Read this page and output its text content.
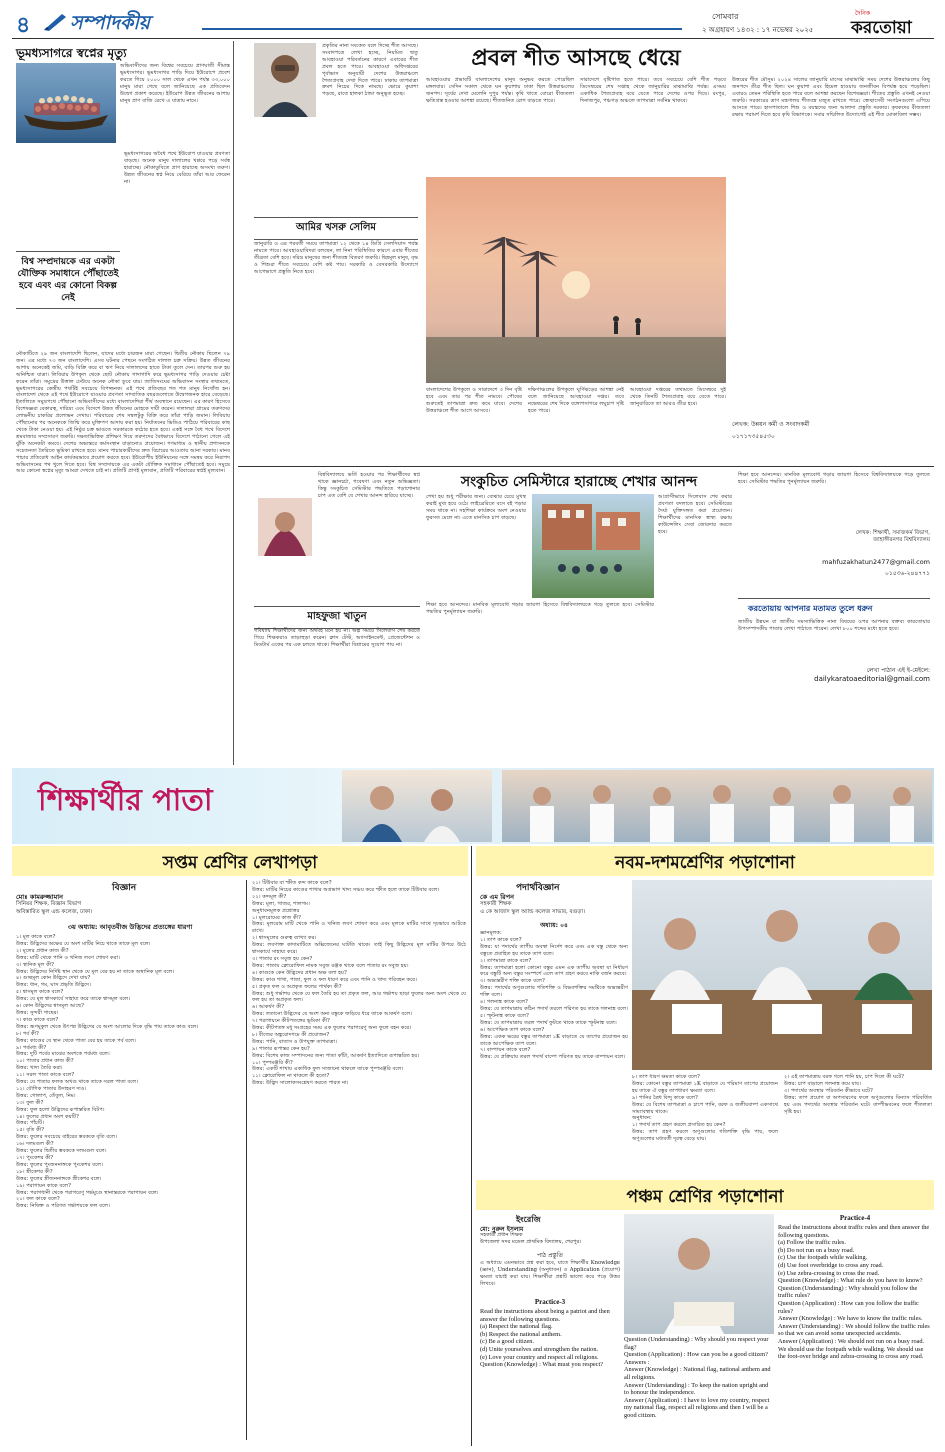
৪ সম্পাদকীয়	সোমবার
২ অগ্রহায়ণ ১৪৩২ : ১৭ নভেম্বর ২০২৫
দৈনিক
করতোয়া
ভূমধ্যসাগরে স্বপ্নের মৃত্যু
অভিবাসীদের জন্য বিশ্বের সবচেয়ে প্রাণঘাতী সীমান্ত ভূমধ্যসাগর। ভূমধ্যসাগর পাড়ি দিয়ে ইউরোপে প্রবেশ করতে গিয়ে ২০০০ সাল থেকে এখন পর্যন্ত ৩৩,০০০ মানুষ মারা গেছে বলে জানিয়েছে এক প্রতিবেদন উদ্বেগ প্রকাশ করেছে। ইউরোপ উন্নত জীবনের আশায় মানুষ প্রাণ বাজি রেখে এ যাত্রায় নামে।
বিশ্ব সম্প্রদায়কে এর একটা যৌক্তিক সমাধানে পৌঁছাতেই হবে এবং এর কোনো বিকল্প নেই
ভূমধ্যসাগরের অবৈধ পথে ইউরোপ যাওয়ার প্রবণতা বাড়ছে। অনেক মানুষ দালালের খপ্পরে পড়ে সর্বস্ব হারাচ্ছে। নৌকাডুবিতে প্রাণ হারাচ্ছে অসংখ্য তরুণ। উন্নত জীবনের স্বপ্ন নিয়ে বেরিয়ে তাঁরা আর ফেরেন না।
নৌকাটিতে ২৯ জন বাংলাদেশি ছিলেন, যাদের মধ্যে চারজন মারা গেছেন। দ্বিতীয় নৌকায় ছিলেন ৭৯ জন। এর মধ্যে ৭৩ জন বাংলাদেশি। এসব ঘটনার পেছনে সংগঠিত দালাল চক্র সক্রিয়। উন্নত জীবনের আশায় অনেকেই জমি, বাড়ি বিক্রি করে বা ঋণ নিয়ে দালালদের হাতে টাকা তুলে দেন। তারপর শুরু হয় অনিশ্চিত যাত্রা। লিবিয়ার উপকূল থেকে ছোট নৌকায় গাদাগাদি করে ভূমধ্যসাগর পাড়ি দেওয়ার চেষ্টা করেন তাঁরা। সমুদ্রের উত্তাল ঢেউয়ে অনেক নৌকা ডুবে যায়। জাতিসংঘের অভিবাসন সংস্থার তথ্যমতে, ভূমধ্যসাগরের কেন্দ্রীয় পথটিই সবচেয়ে বিপজ্জনক। এই পথে প্রতিবছর শত শত মানুষ নিখোঁজ হন। বাংলাদেশ থেকে এই পথে ইউরোপে যাওয়ার প্রবণতা সাম্প্রতিক বছরগুলোতে উদ্বেগজনক হারে বেড়েছে। ইতালিতে সমুদ্রপথে পৌঁছানো অভিবাসীদের মধ্যে বাংলাদেশিরা শীর্ষ অবস্থানে রয়েছেন। এর কারণ হিসেবে বিশেষজ্ঞরা বেকারত্ব, দারিদ্র্য এবং বিদেশে উন্নত জীবনের মোহকে দায়ী করেন। দালালরা গ্রামের তরুণদের লোভনীয় চাকরির প্রলোভন দেখায়। পরিবারের শেষ সম্বলটুকু বিক্রি করে তাঁরা পাড়ি জমান। লিবিয়ায় পৌঁছানোর পর অনেককে জিম্মি করে মুক্তিপণ আদায় করা হয়। নির্যাতনের ভিডিও পাঠিয়ে পরিবারের কাছ থেকে টাকা নেওয়া হয়। এই নিষ্ঠুর চক্র ভাঙতে সরকারকে কঠোর হতে হবে। একই সঙ্গে বৈধ পথে বিদেশে শ্রমবাজার সম্প্রসারণ জরুরি। দক্ষতাভিত্তিক প্রশিক্ষণ দিয়ে তরুণদের বৈধভাবে বিদেশে পাঠানো গেলে এই ঝুঁকি অনেকটা কমবে। দেশের অভ্যন্তরে কর্মসংস্থান বাড়ানোও প্রয়োজন। গণমাধ্যম ও স্থানীয় প্রশাসনকে সচেতনতা তৈরিতে ভূমিকা রাখতে হবে। মানব পাচারকারীদের দ্রুত বিচারের আওতায় আনা দরকার। মানব পাচার প্রতিরোধ আইন কার্যকরভাবে প্রয়োগ করতে হবে। ইউরোপীয় ইউনিয়নের সঙ্গে সমন্বয় করে নিরাপদ অভিবাসনের পথ খুলে দিতে হবে। বিশ্ব সম্প্রদায়কে এর একটা যৌক্তিক সমাধানে পৌঁছাতেই হবে। সমুদ্রে আর কোনো স্বপ্নের মৃত্যু আমরা দেখতে চাই না। প্রতিটি প্রাণই মূল্যবান, প্রতিটি পরিবারের স্বপ্নই মূল্যবান।
প্রকৃতির নানা সংকেত বলে দিচ্ছে শীত আসছে। সংবাদপত্রে লেখা হচ্ছে, নিয়মিত ঋতু আবহাওয়া পরিবর্তনের কারণে এবারের শীত প্রবল হতে পারে। আবহাওয়া অধিদপ্তরের পূর্বাভাস অনুযায়ী দেশের উত্তরাঞ্চলে শৈত্যপ্রবাহ দেখা দিতে পারে। ঢাকায় তাপমাত্রা ক্রমশ নিচের দিকে নামছে। ভোরে কুয়াশা পড়ছে, রাতে হালকা ঠান্ডা অনুভূত হচ্ছে।
আমির খসরু সেলিম
জানুয়ারি ও এর পরবর্তী সময়ে তাপমাত্রা ১২ থেকে ১৪ ডিগ্রি সেলসিয়াস পর্যন্ত নামতে পারে। আবহাওয়াবিদরা বলছেন, লা নিনা পরিস্থিতির কারণে এবার শীতের তীব্রতা বেশি হবে। দরিদ্র মানুষের জন্য শীতবস্ত্র বিতরণ জরুরি। ছিন্নমূল মানুষ, বৃদ্ধ ও শিশুরা শীতে সবচেয়ে বেশি কষ্ট পায়। সরকারি ও বেসরকারি উদ্যোগে আগেভাগে প্রস্তুতি নিতে হবে।
প্রবল শীত আসছে ধেয়ে
আবহাওয়ার প্রভাবটি বাংলাদেশের মানুষ অনুভব করতে পেরেছিল মঙ্গলবার। সেদিন সকাল থেকে ঘন কুয়াশায় ঢাকা ছিল উত্তরাঞ্চলের জনপদ। সূর্যের দেখা মেলেনি দুপুর পর্যন্ত। কৃষি খাতে বোরো বীজতলা ক্ষতিগ্রস্ত হওয়ার আশঙ্কা রয়েছে। শীতজনিত রোগ বাড়তে পারে।
সারাদেশে বৃষ্টিপাত হতে পারে। তবে সবচেয়ে বেশি শীত পড়বে ডিসেম্বরের শেষ সপ্তাহ থেকে জানুয়ারির মাঝামাঝি পর্যন্ত। এসময় একাধিক শৈত্যপ্রবাহ বয়ে যেতে পারে দেশের ওপর দিয়ে। রংপুর, দিনাজপুর, পঞ্চগড় অঞ্চলে তাপমাত্রা সর্বনিম্ন থাকবে।
উত্তরের শীত মৌসুম। ২০২৪ সালের জানুয়ারি মাসের মাঝামাঝি সময় দেশের উত্তরাঞ্চলের কিছু জনপদে তীব্র শীত ছিল। ঘন কুয়াশা এবং হিমেল হাওয়ায় জনজীবন বিপর্যস্ত হয়ে পড়েছিল। এবারও তেমন পরিস্থিতি হতে পারে বলে আশঙ্কা করছেন বিশেষজ্ঞরা। শীতের প্রস্তুতি এখনই নেওয়া জরুরি। সরকারের ত্রাণ মন্ত্রণালয় শীতবস্ত্র মজুত রাখতে পারে। স্বেচ্ছাসেবী সংগঠনগুলো এগিয়ে আসতে পারে। হাসপাতালে শিশু ও বয়স্কদের জন্য আলাদা প্রস্তুতি দরকার। কৃষকদের বীজতলা রক্ষায় পরামর্শ দিতে হবে কৃষি বিভাগকে। সবার সম্মিলিত উদ্যোগেই এই শীত মোকাবিলা সম্ভব।
বাংলাদেশের উপকূলে ও সারাদেশে ৩ দিন বৃষ্টি হবে এবং তার পর শীত নামবে। পৌষের শুরুতেই তাপমাত্রা দ্রুত কমে যাবে। দেশের উত্তরাঞ্চলে শীত আগে আসবে।
দক্ষিণাঞ্চলের উপকূলে ঘূর্ণিঝড়ের আশঙ্কা নেই বলে জানিয়েছে আবহাওয়া দপ্তর। তবে নভেম্বরের শেষ দিকে বঙ্গোপসাগরে লঘুচাপ সৃষ্টি হতে পারে।
আবহাওয়া দপ্তরের তথ্যমতে ডিসেম্বরে দুই থেকে তিনটি শৈত্যপ্রবাহ বয়ে যেতে পারে। জানুয়ারিতে তা আরও তীব্র হবে।
লেখক: উন্নয়ন কর্মী ও সংবাদকর্মী
০১৭১৭৩৫৪৫৩০
বিশ্ববিদ্যালয়ে ভর্তি হওয়ার পর শিক্ষার্থীদের স্বপ্ন থাকে জ্ঞানচর্চা, গবেষণা এবং নতুন অভিজ্ঞতা। কিন্তু সংকুচিত সেমিস্টার পদ্ধতিতে পড়াশোনার চাপ এত বেশি যে শেখার আনন্দ হারিয়ে যাচ্ছে।
মাহফুজা খাতুন
গবিষ্যায় শিক্ষার্থীদের জন্য অর্থবহ মনে হয় না। অল্প সময়ে সিলেবাস শেষ করতে গিয়ে শিক্ষকরাও তাড়াহুড়া করেন। ক্লাস টেস্ট, অ্যাসাইনমেন্ট, প্রেজেন্টেশন ও মিডটার্ম একের পর এক চলতে থাকে। শিক্ষার্থীরা বিশ্রামের সুযোগ পায় না।
সংকুচিত সেমিস্টারে হারাচ্ছে শেখার আনন্দ
শেখা হয় শুধু পরীক্ষার জন্য। বোঝার চেয়ে মুখস্থ করাই মুখ্য হয়ে ওঠে। লাইব্রেরিতে বসে বই পড়ার সময় থাকে না। সহশিক্ষা কার্যক্রমে অংশ নেওয়ার ফুরসত মেলে না। এতে মানসিক চাপ বাড়ছে।
আগ্রাসীভাবে সিলেবাস শেষ করার প্রবণতা বদলাতে হবে। সেমিস্টারের দৈর্ঘ্য যুক্তিসঙ্গত করা প্রয়োজন। শিক্ষার্থীদের মানসিক স্বাস্থ্য রক্ষায় কাউন্সেলিং সেবা জোরদার করতে হবে।
শিক্ষা হবে আনন্দের। মানবিক মূল্যবোধ গড়ার জায়গা হিসেবে বিশ্ববিদ্যালয়কে গড়ে তুলতে হবে। সেমিস্টার পদ্ধতির পুনর্মূল্যায়ন জরুরি।
শিক্ষা হবে আনন্দের। মানবিক মূল্যবোধ গড়ার জায়গা হিসেবে বিশ্ববিদ্যালয়কে গড়ে তুলতে হবে। সেমিস্টার পদ্ধতির পুনর্মূল্যায়ন জরুরি।
লেখক: শিক্ষার্থী, সমাজকর্ম বিভাগ, জাহাঙ্গীরনগর বিশ্ববিদ্যালয়
mahfuzakhatun2477@gmail.com
০১৫৩৬-২৪৪৭৭১
করতোয়ায় আপনার মতামত তুলে ধরুন
জাতীয় উন্নয়ন বা জাতীয় সমস্যাভিত্তিক নানা বিষয়ের ওপর আপনার বক্তব্য কারতোয়ার উপসম্পাদকীয় পাতায় লেখা পাঠাতে পারেন। লেখা ৮০০ শব্দের মধ্যে হতে হবে।
লেখা পাঠান এই ই-মেইলে:
dailykaratoaeditorial@gmail.com
শিক্ষার্থীর পাতা
সপ্তম শ্রেণির লেখাপড়া
বিজ্ঞান
মোঃ কামরুজ্জামান
সিনিয়র শিক্ষক, বিজ্ঞান বিভাগ
অবিস্তারিত স্কুল এন্ড কলেজ, ঢাকা।
৩য় অধ্যায়: আবৃতবীজ উদ্ভিদের প্রত্যঙ্গের ধারণা
১। মূল কাকে বলে?
উত্তর: উদ্ভিদের অক্ষের যে অংশ মাটির নিচে থাকে তাকে মূল বলে।
২। মূলের প্রধান কাজ কী?
উত্তর: মাটি থেকে পানি ও খনিজ লবণ শোষণ করা।
৩। স্থানিক মূল কী?
উত্তর: উদ্ভিদের নির্দিষ্ট স্থান থেকে যে মূল বের হয় না তাকে অস্থানিক মূল বলে।
৪। গুচ্ছমূল কোন উদ্ভিদে দেখা যায়?
উত্তর: ধান, গম, ঘাস প্রভৃতি উদ্ভিদে।
৫। শ্বাসমূল কাকে বলে?
উত্তর: যে মূল শ্বাসকার্যে সাহায্য করে তাকে শ্বাসমূল বলে।
৬। কোন উদ্ভিদের শ্বাসমূল আছে?
উত্তর: সুন্দরী গাছের।
৭। কাণ্ড কাকে বলে?
উত্তর: ভ্রূণমুকুল থেকে উৎপন্ন উদ্ভিদের যে অংশ আলোর দিকে বৃদ্ধি পায় তাকে কাণ্ড বলে।
৮। পর্ব কী?
উত্তর: কাণ্ডের যে স্থান থেকে পাতা বের হয় তাকে পর্ব বলে।
৯। পর্বমধ্য কী?
উত্তর: দুটি পর্বের মাঝের অংশকে পর্বমধ্য বলে।
১০। পাতার প্রধান কাজ কী?
উত্তর: খাদ্য তৈরি করা।
১১। সরল পাতা কাকে বলে?
উত্তর: যে পাতার ফলক অখণ্ড থাকে তাকে সরল পাতা বলে।
১২। যৌগিক পাতার উদাহরণ দাও।
উত্তর: গোলাপ, তেঁতুল, নিম।
১৩। ফুল কী?
উত্তর: ফুল হলো উদ্ভিদের রূপান্তরিত বিটপ।
১৪। ফুলের প্রধান অংশ কয়টি?
উত্তর: পাঁচটি।
১৫। বৃতি কী?
উত্তর: ফুলের সবচেয়ে বাইরের স্তবককে বৃতি বলে।
১৬। দলমণ্ডল কী?
উত্তর: ফুলের দ্বিতীয় স্তবককে দলমণ্ডল বলে।
১৭। পুংকেশর কী?
উত্তর: ফুলের পুংজননাঙ্গকে পুংকেশর বলে।
১৮। স্ত্রীকেশর কী?
উত্তর: ফুলের স্ত্রীজননাঙ্গকে স্ত্রীকেশর বলে।
১৯। পরাগায়ন কাকে বলে?
উত্তর: পরাগধানী থেকে পরাগরেণু গর্ভমুণ্ডে স্থানান্তরকে পরাগায়ন বলে।
২০। ফল কাকে বলে?
উত্তর: নিষিক্ত ও পরিণত গর্ভাশয়কে ফল বলে।
২১। টিউবার বা স্ফীত কন্দ কাকে বলে?
উত্তর: মাটির নিচের কাণ্ডের শাখার অগ্রভাগ খাদ্য সঞ্চয় করে স্ফীত হলে তাকে টিউবার বলে।
২২। কন্দমূল কী?
উত্তর: মূলা, গাজর, শালগম।
অনুধাবনমূলক প্রশ্নোত্তর
১। মূলরোমের কাজ কী?
উত্তর: মূলরোম মাটি থেকে পানি ও খনিজ লবণ শোষণ করে এবং মূলকে মাটির সাথে দৃঢ়ভাবে আটকে রাখে।
২। শ্বাসমূলের গুরুত্ব ব্যাখ্যা কর।
উত্তর: লবণাক্ত কাদামাটিতে অক্সিজেনের ঘাটতি থাকে। তাই কিছু উদ্ভিদের মূল মাটির উপরে উঠে শ্বাসকার্যে সাহায্য করে।
৩। পাতার রং সবুজ হয় কেন?
উত্তর: পাতায় ক্লোরোফিল নামক সবুজ রঞ্জক থাকে বলে পাতার রং সবুজ হয়।
৪। কাণ্ডকে কেন উদ্ভিদের প্রধান অক্ষ বলা হয়?
উত্তর: কাণ্ড শাখা, পাতা, ফুল ও ফল ধারণ করে এবং পানি ও খাদ্য পরিবহন করে।
৫। প্রকৃত ফল ও অপ্রকৃত ফলের পার্থক্য কী?
উত্তর: শুধু গর্ভাশয় থেকে যে ফল তৈরি হয় তা প্রকৃত ফল, আর গর্ভাশয় ছাড়া ফুলের অন্য অংশ থেকে যে ফল হয় তা অপ্রকৃত ফল।
৬। আকর্ষণ কী?
উত্তর: লতানো উদ্ভিদের যে অংশ অন্য বস্তুকে জড়িয়ে ধরে তাকে আকর্ষণ বলে।
৭। পরাগায়নে কীটপতঙ্গের ভূমিকা কী?
উত্তর: কীটপতঙ্গ মধু সংগ্রহের সময় এক ফুলের পরাগরেণু অন্য ফুলে বহন করে।
৮। বীজের অঙ্কুরোদগমে কী প্রয়োজন?
উত্তর: পানি, বাতাস ও উপযুক্ত তাপমাত্রা।
৯। পাতার রূপান্তর কেন হয়?
উত্তর: বিশেষ কাজ সম্পাদনের জন্য পাতা কাঁটা, আকর্ষণ ইত্যাদিতে রূপান্তরিত হয়।
১০। পুষ্পমঞ্জরি কী?
উত্তর: একটি শাখায় একাধিক ফুল সাজানো থাকলে তাকে পুষ্পমঞ্জরি বলে।
১১। ক্লোরোফিল না থাকলে কী হতো?
উত্তর: উদ্ভিদ সালোকসংশ্লেষণ করতে পারত না।
নবম-দশমশ্রেণির পড়াশোনা
পদার্থবিজ্ঞান
কে এম রিপন
সহকারী শিক্ষক
এ কে আজাদ স্কুল অ্যান্ড কলেজ সাভার, বগুড়া।
অধ্যায়: ০৪
জ্ঞানমূলক:
১। তাপ কাকে বলে?
উত্তর: যা পদার্থের তাপীয় অবস্থা নির্দেশ করে এবং এক বস্তু থেকে অন্য বস্তুতে প্রবাহিত হয় তাকে তাপ বলে।
২। তাপমাত্রা কাকে বলে?
উত্তর: তাপমাত্রা হলো কোনো বস্তুর এমন এক তাপীয় অবস্থা যা নির্ধারণ করে বস্তুটি অন্য বস্তুর সংস্পর্শে এলে তাপ গ্রহণ করবে নাকি বর্জন করবে।
৩। অভ্যন্তরীণ শক্তি কাকে বলে?
উত্তর: পদার্থের অণুগুলোর গতিশক্তি ও বিভবশক্তির সমষ্টিকে অভ্যন্তরীণ শক্তি বলে।
৪। গলনাঙ্ক কাকে বলে?
উত্তর: যে তাপমাত্রায় কঠিন পদার্থ তরলে পরিণত হয় তাকে গলনাঙ্ক বলে।
৫। স্ফুটনাঙ্ক কাকে বলে?
উত্তর: যে তাপমাত্রায় তরল পদার্থ ফুটতে থাকে তাকে স্ফুটনাঙ্ক বলে।
৬। আপেক্ষিক তাপ কাকে বলে?
উত্তর: একক ভরের বস্তুর তাপমাত্রা ১K বাড়াতে যে তাপের প্রয়োজন হয় তাকে আপেক্ষিক তাপ বলে।
৭। বাষ্পায়ন কাকে বলে?
উত্তর: যে প্রক্রিয়ায় তরল পদার্থ বাষ্পে পরিণত হয় তাকে বাষ্পায়ন বলে।
৮। তাপ ধারণ ক্ষমতা কাকে বলে?
উত্তর: কোনো বস্তুর তাপমাত্রা ১K বাড়াতে যে পরিমাণ তাপের প্রয়োজন হয় তাকে ঐ বস্তুর তাপধারণ ক্ষমতা বলে।
৯। পানির ত্রৈধ বিন্দু কাকে বলে?
উত্তর: যে বিশেষ তাপমাত্রা ও চাপে পানি, বরফ ও জলীয়বাষ্প একসাথে সাম্যাবস্থায় থাকে।
অনুধাবন:
১। পদার্থ তাপ গ্রহণ করলে প্রসারিত হয় কেন?
উত্তর: তাপ গ্রহণ করলে অণুগুলোর গতিশক্তি বৃদ্ধি পায়, ফলে অণুগুলোর মধ্যবর্তী দূরত্ব বেড়ে যায়।
২। এই তাপমাত্রায় বরফ গলে পানি হয়, চাপ দিলে কী ঘটে?
উত্তর: চাপ বাড়ালে গলনাঙ্ক কমে যায়।
৩। পদার্থের অবস্থার পরিবর্তন কীভাবে ঘটে?
উত্তর: তাপ প্রয়োগ বা অপসারণের ফলে অণুগুলোর বিন্যাস পরিবর্তিত হয় এবং পদার্থের অবস্থার পরিবর্তন ঘটে। বাষ্পীভবনের ফলে শীতলতা সৃষ্টি হয়।
পঞ্চম শ্রেণির পড়াশোনা
ইংরেজি
মো: নুরুল ইসলাম
সহকারী প্রধান শিক্ষক
উপজেলা সদর মডেল প্রাথমিক বিদ্যালয়, শেরপুর।
পাঠ প্রস্তুতি
এ অধ্যায়ে এমনভাবে প্রশ্ন করা হবে, যাতে শিক্ষার্থীর Knowledge (জ্ঞান), Understanding (অনুধাবন) ও Application (প্রয়োগ) ক্ষমতা যাচাই করা যায়। শিক্ষার্থীরা প্রশ্নটি ভালো করে পড়ে উত্তর লিখবে।
Practice-3
Read the instructions about being a patriot and then answer the following questions.
(a) Respect the national flag.
(b) Respect the national anthem.
(c) Be a good citizen.
(d) Unite yourselves and strengthen the nation.
(e) Love your country and respect all religions.
Question (Knowledge) : What must you respect?
Question (Understanding) : Why should you respect your flag?
Question (Application) : How can you be a good citizen?
Answers :
Answer (Knowledge) : National flag, national anthem and all religions.
Answer (Understanding) : To keep the nation upright and to honour the independence.
Answer (Application) : I have to love my country, respect my national flag, respect all religions and then I will be a good citizen.
Practice-4
Read the instructions about traffic rules and then answer the following questions.
(a) Follow the traffic rules.
(b) Do not run on a busy road.
(c) Use the footpath while walking.
(d) Use foot overbridge to cross any road.
(e) Use zebra-crossing to cross the road.
Question (Knowledge) : What rule do you have to know?
Question (Understanding) : Why should you follow the traffic rules?
Question (Application) : How can you follow the traffic rules?
Answer (Knowledge) : We have to know the traffic rules.
Answer (Understanding) : We should follow the traffic rules so that we can avoid some unexpected accidents.
Answer (Application) : We should not run on a busy road. We should use the footpath while walking. We should use the foot-over bridge and zebra-crossing to cross any road.
